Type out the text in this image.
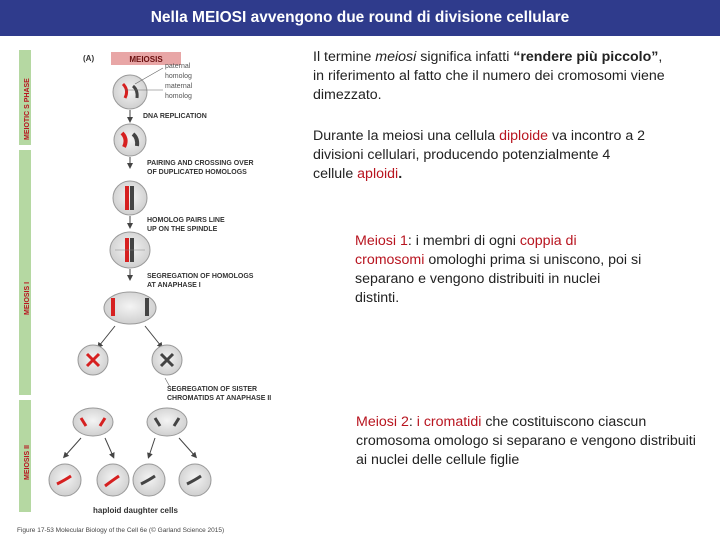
Nella MEIOSI avvengono due round di divisione cellulare
MEIOTIC S PHASE
MEIOSIS I
MEIOSIS II
(A)	MEIOSIS
paternal
homolog
maternal
homolog
DNA REPLICATION
PAIRING AND CROSSING OVER
OF DUPLICATED HOMOLOGS
HOMOLOG PAIRS LINE
UP ON THE SPINDLE
SEGREGATION OF HOMOLOGS
AT ANAPHASE I
SEGREGATION OF SISTER
CHROMATIDS AT ANAPHASE II
haploid daughter cells
Figure 17-53 Molecular Biology of the Cell 6e (© Garland Science 2015)
Il termine meiosi significa infatti “rendere più piccolo”, in riferimento al fatto che il numero dei cromosomi viene dimezzato.
Durante la meiosi una cellula diploide va incontro a 2 divisioni cellulari, producendo potenzialmente 4 cellule aploidi.
Meiosi 1: i membri di ogni coppia di cromosomi omologhi prima si uniscono, poi si separano e vengono distribuiti in nuclei distinti.
Meiosi 2: i cromatidi che costituiscono ciascun cromosoma omologo si separano e vengono distribuiti ai nuclei delle cellule figlie
